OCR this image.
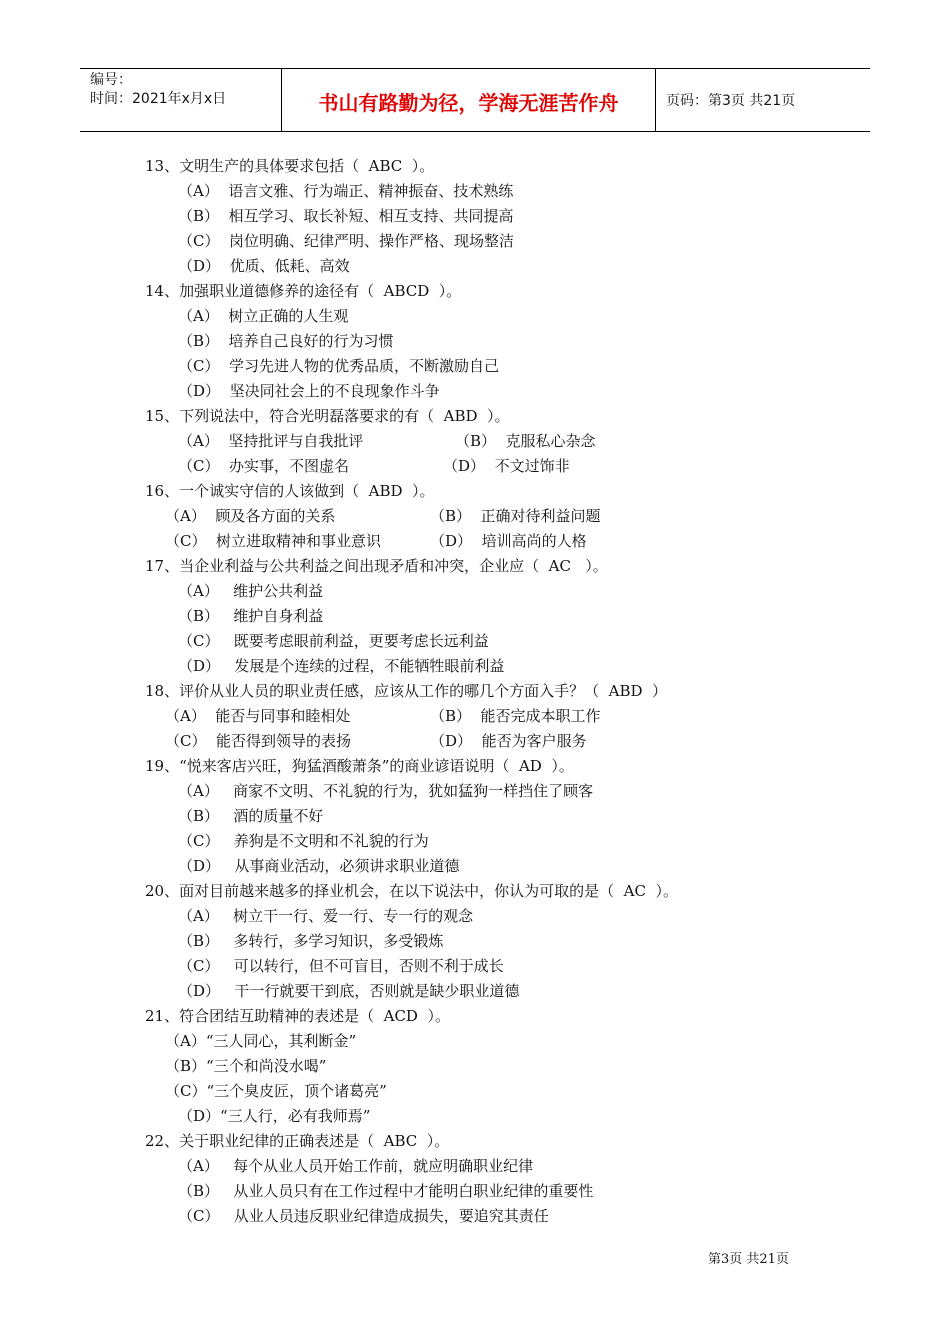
编号：
时间：2021年x月x日	书山有路勤为径，学海无涯苦作舟	页码：第3页 共21页
13、文明生产的具体要求包括（  ABC  ）。
（A）  语言文雅、行为端正、精神振奋、技术熟练
（B）  相互学习、取长补短、相互支持、共同提高
（C）  岗位明确、纪律严明、操作严格、现场整洁
（D）  优质、低耗、高效
14、加强职业道德修养的途径有（  ABCD  ）。
（A）  树立正确的人生观
（B）  培养自己良好的行为习惯
（C）  学习先进人物的优秀品质，不断激励自己
（D）  坚决同社会上的不良现象作斗争
15、下列说法中，符合光明磊落要求的有（  ABD  ）。
（A）  坚持批评与自我批评	（B）  克服私心杂念
（C）  办实事，不图虚名	（D）  不文过饰非
16、一个诚实守信的人该做到（  ABD  ）。
（A）  顾及各方面的关系	（B）  正确对待利益问题
（C）  树立进取精神和事业意识	（D）  培训高尚的人格
17、当企业利益与公共利益之间出现矛盾和冲突，企业应（  AC   ）。
（A）   维护公共利益
（B）   维护自身利益
（C）   既要考虑眼前利益，更要考虑长远利益
（D）   发展是个连续的过程，不能牺牲眼前利益
18、评价从业人员的职业责任感，应该从工作的哪几个方面入手？（  ABD  ）
（A）  能否与同事和睦相处	（B）  能否完成本职工作
（C）  能否得到领导的表扬	（D）  能否为客户服务
19、“悦来客店兴旺，狗猛酒酸萧条”的商业谚语说明（  AD  ）。
（A）   商家不文明、不礼貌的行为，犹如猛狗一样挡住了顾客
（B）   酒的质量不好
（C）   养狗是不文明和不礼貌的行为
（D）   从事商业活动，必须讲求职业道德
20、面对目前越来越多的择业机会，在以下说法中，你认为可取的是（  AC  ）。
（A）   树立干一行、爱一行、专一行的观念
（B）   多转行，多学习知识，多受锻炼
（C）   可以转行，但不可盲目，否则不利于成长
（D）   干一行就要干到底，否则就是缺少职业道德
21、符合团结互助精神的表述是（  ACD  ）。
（A）“三人同心，其利断金”
（B）“三个和尚没水喝”
（C）“三个臭皮匠，顶个诸葛亮”
（D）“三人行，必有我师焉”
22、关于职业纪律的正确表述是（  ABC  ）。
（A）   每个从业人员开始工作前，就应明确职业纪律
（B）   从业人员只有在工作过程中才能明白职业纪律的重要性
（C）   从业人员违反职业纪律造成损失，要追究其责任
第3页 共21页
